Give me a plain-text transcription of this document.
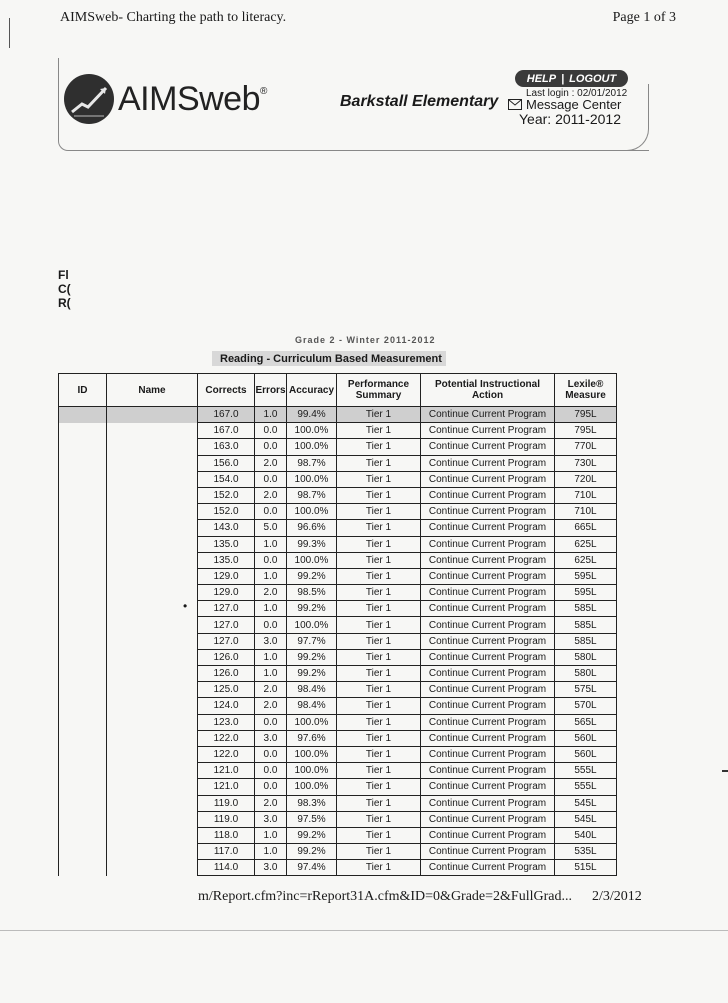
AIMSweb- Charting the path to literacy.	Page 1 of 3
AIMSweb®
Barkstall Elementary
HELP | LOGOUT
Last login : 02/01/2012
Message Center
Year: 2011-2012
Fl
C(
R(
Grade 2 - Winter 2011-2012
Reading - Curriculum Based Measurement
•
ID	Name	Corrects	Errors	Accuracy	Performance Summary	Potential Instructional Action	Lexile® Measure
		167.0	1.0	99.4%	Tier 1	Continue Current Program	795L
		167.0	0.0	100.0%	Tier 1	Continue Current Program	795L
		163.0	0.0	100.0%	Tier 1	Continue Current Program	770L
		156.0	2.0	98.7%	Tier 1	Continue Current Program	730L
		154.0	0.0	100.0%	Tier 1	Continue Current Program	720L
		152.0	2.0	98.7%	Tier 1	Continue Current Program	710L
		152.0	0.0	100.0%	Tier 1	Continue Current Program	710L
		143.0	5.0	96.6%	Tier 1	Continue Current Program	665L
		135.0	1.0	99.3%	Tier 1	Continue Current Program	625L
		135.0	0.0	100.0%	Tier 1	Continue Current Program	625L
		129.0	1.0	99.2%	Tier 1	Continue Current Program	595L
		129.0	2.0	98.5%	Tier 1	Continue Current Program	595L
		127.0	1.0	99.2%	Tier 1	Continue Current Program	585L
		127.0	0.0	100.0%	Tier 1	Continue Current Program	585L
		127.0	3.0	97.7%	Tier 1	Continue Current Program	585L
		126.0	1.0	99.2%	Tier 1	Continue Current Program	580L
		126.0	1.0	99.2%	Tier 1	Continue Current Program	580L
		125.0	2.0	98.4%	Tier 1	Continue Current Program	575L
		124.0	2.0	98.4%	Tier 1	Continue Current Program	570L
		123.0	0.0	100.0%	Tier 1	Continue Current Program	565L
		122.0	3.0	97.6%	Tier 1	Continue Current Program	560L
		122.0	0.0	100.0%	Tier 1	Continue Current Program	560L
		121.0	0.0	100.0%	Tier 1	Continue Current Program	555L
		121.0	0.0	100.0%	Tier 1	Continue Current Program	555L
		119.0	2.0	98.3%	Tier 1	Continue Current Program	545L
		119.0	3.0	97.5%	Tier 1	Continue Current Program	545L
		118.0	1.0	99.2%	Tier 1	Continue Current Program	540L
		117.0	1.0	99.2%	Tier 1	Continue Current Program	535L
		114.0	3.0	97.4%	Tier 1	Continue Current Program	515L
m/Report.cfm?inc=rReport31A.cfm&ID=0&Grade=2&FullGrad... 2/3/2012
